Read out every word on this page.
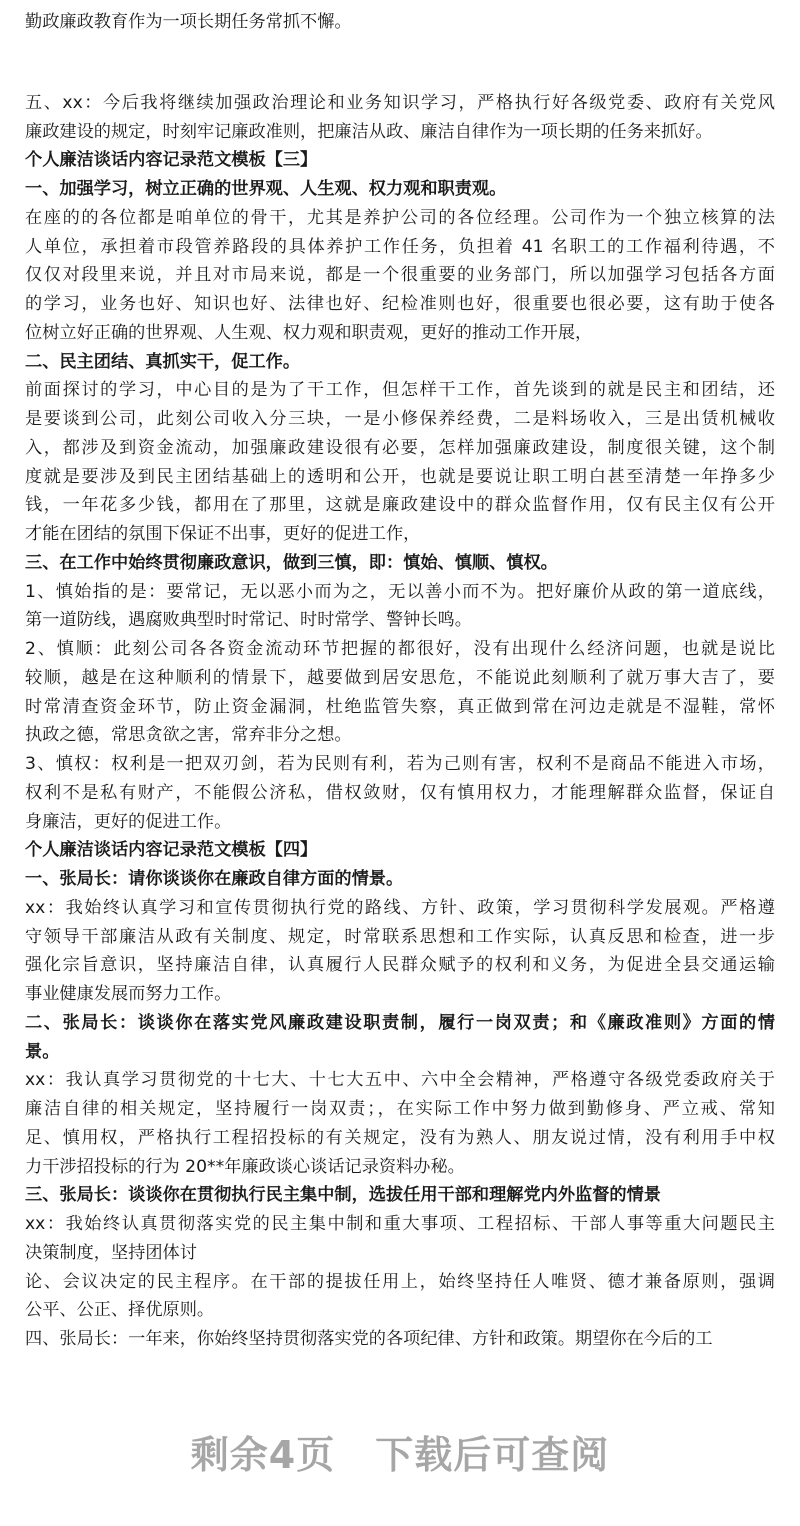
勤政廉政教育作为一项长期任务常抓不懈。
五、xx：今后我将继续加强政治理论和业务知识学习，严格执行好各级党委、政府有关党风
廉政建设的规定，时刻牢记廉政准则，把廉洁从政、廉洁自律作为一项长期的任务来抓好。
个人廉洁谈话内容记录范文模板【三】
一、加强学习，树立正确的世界观、人生观、权力观和职责观。
在座的的各位都是咱单位的骨干，尤其是养护公司的各位经理。公司作为一个独立核算的法
人单位，承担着市段管养路段的具体养护工作任务，负担着 41 名职工的工作福利待遇，不
仅仅对段里来说，并且对市局来说，都是一个很重要的业务部门，所以加强学习包括各方面
的学习，业务也好、知识也好、法律也好、纪检准则也好，很重要也很必要，这有助于使各
位树立好正确的世界观、人生观、权力观和职责观，更好的推动工作开展，
二、民主团结、真抓实干，促工作。
前面探讨的学习，中心目的是为了干工作，但怎样干工作，首先谈到的就是民主和团结，还
是要谈到公司，此刻公司收入分三块，一是小修保养经费，二是料场收入，三是出赁机械收
入，都涉及到资金流动，加强廉政建设很有必要，怎样加强廉政建设，制度很关键，这个制
度就是要涉及到民主团结基础上的透明和公开，也就是要说让职工明白甚至清楚一年挣多少
钱，一年花多少钱，都用在了那里，这就是廉政建设中的群众监督作用，仅有民主仅有公开
才能在团结的氛围下保证不出事，更好的促进工作，
三、在工作中始终贯彻廉政意识，做到三慎，即：慎始、慎顺、慎权。
1、慎始指的是：要常记，无以恶小而为之，无以善小而不为。把好廉价从政的第一道底线，
第一道防线，遇腐败典型时时常记、时时常学、警钟长鸣。
2、慎顺：此刻公司各各资金流动环节把握的都很好，没有出现什么经济问题，也就是说比
较顺，越是在这种顺利的情景下，越要做到居安思危，不能说此刻顺利了就万事大吉了，要
时常清查资金环节，防止资金漏洞，杜绝监管失察，真正做到常在河边走就是不湿鞋，常怀
执政之德，常思贪欲之害，常弃非分之想。
3、慎权：权利是一把双刃剑，若为民则有利，若为己则有害，权利不是商品不能进入市场，
权利不是私有财产，不能假公济私，借权敛财，仅有慎用权力，才能理解群众监督，保证自
身廉洁，更好的促进工作。
个人廉洁谈话内容记录范文模板【四】
一、张局长：请你谈谈你在廉政自律方面的情景。
xx：我始终认真学习和宣传贯彻执行党的路线、方针、政策，学习贯彻科学发展观。严格遵
守领导干部廉洁从政有关制度、规定，时常联系思想和工作实际，认真反思和检查，进一步
强化宗旨意识，坚持廉洁自律，认真履行人民群众赋予的权利和义务，为促进全县交通运输
事业健康发展而努力工作。
二、张局长：谈谈你在落实党风廉政建设职责制，履行一岗双责；和《廉政准则》方面的情
景。
xx：我认真学习贯彻党的十七大、十七大五中、六中全会精神，严格遵守各级党委政府关于
廉洁自律的相关规定，坚持履行一岗双责；，在实际工作中努力做到勤修身、严立戒、常知
足、慎用权，严格执行工程招投标的有关规定，没有为熟人、朋友说过情，没有利用手中权
力干涉招投标的行为 20**年廉政谈心谈话记录资料办秘。
三、张局长：谈谈你在贯彻执行民主集中制，选拔任用干部和理解党内外监督的情景
xx：我始终认真贯彻落实党的民主集中制和重大事项、工程招标、干部人事等重大问题民主
决策制度，坚持团体讨
论、会议决定的民主程序。在干部的提拔任用上，始终坚持任人唯贤、德才兼备原则，强调
公平、公正、择优原则。
四、张局长：一年来，你始终坚持贯彻落实党的各项纪律、方针和政策。期望你在今后的工
剩余4页 下载后可查阅
